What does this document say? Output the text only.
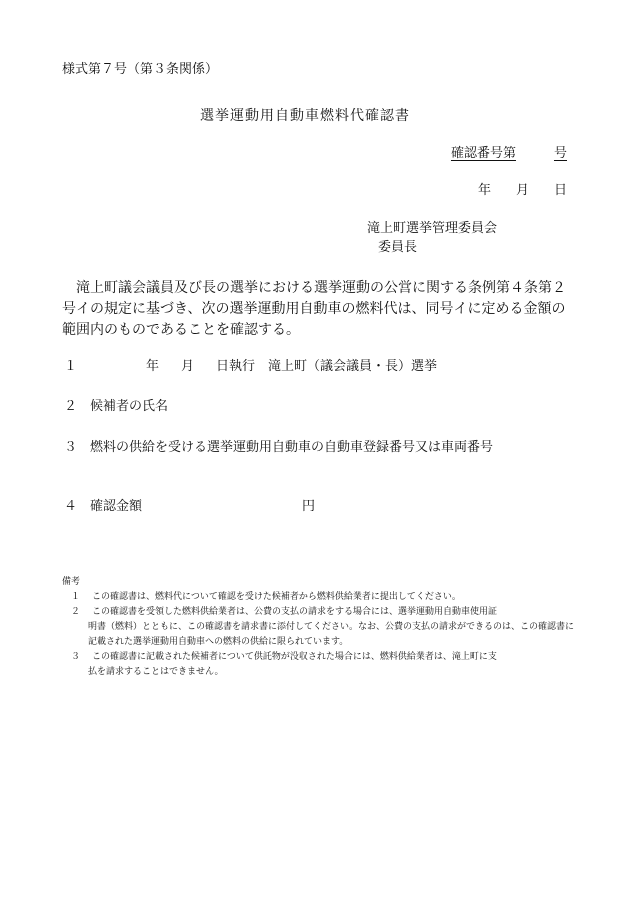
様式第７号（第３条関係）
選挙運動用自動車燃料代確認書
確認番号第	号
年 月 日
滝上町選挙管理委員会
委員長
滝上町議会議員及び長の選挙における選挙運動の公営に関する条例第４条第２号イの規定に基づき、次の選挙運動用自動車の燃料代は、同号イに定める金額の範囲内のものであることを確認する。
１	年 月 日執行　滝上町（議会議員・長）選挙
２ 候補者の氏名
３ 燃料の供給を受ける選挙運動用自動車の自動車登録番号又は車両番号
４ 確認金額	円
備考
１ この確認書は、燃料代について確認を受けた候補者から燃料供給業者に提出してください。
２ この確認書を受領した燃料供給業者は、公費の支払の請求をする場合には、選挙運動用自動車使用証
明書（燃料）とともに、この確認書を請求書に添付してください。なお、公費の支払の請求ができるのは、この確認書に記載された選挙運動用自動車への燃料の供給に限られています。
３ この確認書に記載された候補者について供託物が没収された場合には、燃料供給業者は、滝上町に支
払を請求することはできません。
